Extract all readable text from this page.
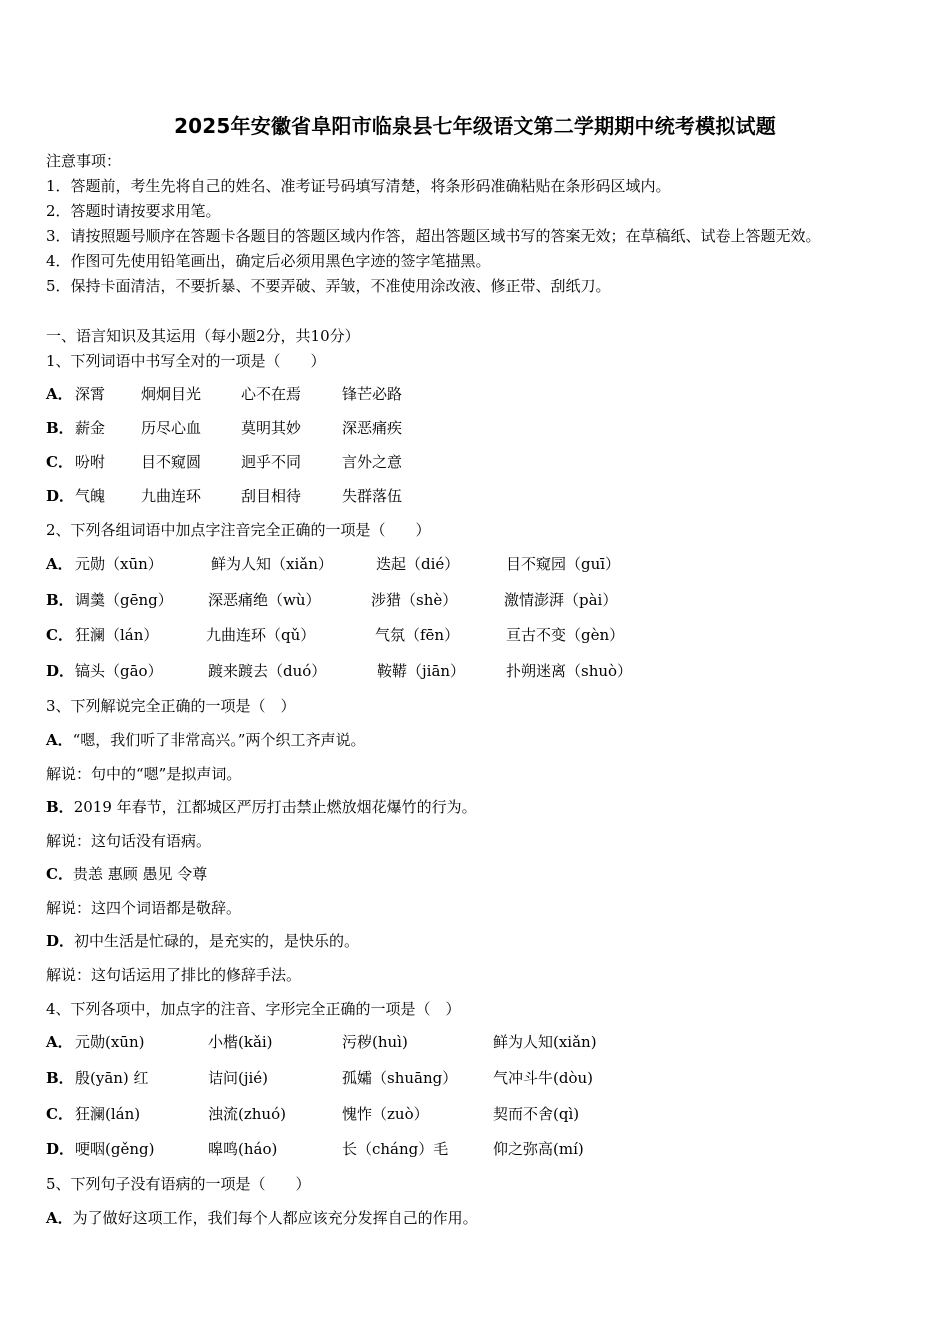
2025年安徽省阜阳市临泉县七年级语文第二学期期中统考模拟试题
注意事项：
1．答题前，考生先将自己的姓名、准考证号码填写清楚，将条形码准确粘贴在条形码区域内。
2．答题时请按要求用笔。
3．请按照题号顺序在答题卡各题目的答题区域内作答，超出答题区域书写的答案无效；在草稿纸、试卷上答题无效。
4．作图可先使用铅笔画出，确定后必须用黑色字迹的签字笔描黑。
5．保持卡面清洁，不要折暴、不要弄破、弄皱，不准使用涂改液、修正带、刮纸刀。
一、语言知识及其运用（每小题2分，共10分）
1、下列词语中书写全对的一项是（　　）
A． 深霄 炯炯目光	心不在焉	锋芒必路
B． 薪金 历尽心血	莫明其妙	深恶痛疾
C． 吩咐 目不窥圆	迥乎不同	言外之意
D． 气魄 九曲连环	刮目相待	失群落伍
2、下列各组词语中加点字注音完全正确的一项是（　　）
A． 元勋（xūn）	鲜为人知（xiǎn）	迭起（dié）	目不窥园（guī）
B． 调羹（gēng） 深恶痛绝（wù）	涉猎（shè）	激情澎湃（pài）
C． 狂澜（lán）	九曲连环（qǔ）	气氛（fēn）	亘古不变（gèn）
D． 镐头（gāo）	踱来踱去（duó）	鞍鞯（jiān）	扑朔迷离（shuò）
3、下列解说完全正确的一项是（　）
A．“嗯，我们听了非常高兴。”两个织工齐声说。
解说：句中的“嗯”是拟声词。
B．2019 年春节，江都城区严厉打击禁止燃放烟花爆竹的行为。
解说：这句话没有语病。
C．贵恙 惠顾 愚见 令尊
解说：这四个词语都是敬辞。
D．初中生活是忙碌的，是充实的，是快乐的。
解说：这句话运用了排比的修辞手法。
4、下列各项中，加点字的注音、字形完全正确的一项是（　）
A． 元勋(xūn)	小楷(kǎi)	污秽(huì)	鲜为人知(xiǎn)
B． 殷(yān) 红	诘问(jié)	孤孀（shuāng） 气冲斗牛(dòu)
C． 狂澜(lán)	浊流(zhuó)	愧怍（zuò）	契而不舍(qì)
D． 哽咽(gěng)	嗥鸣(háo)	长（cháng）毛	仰之弥高(mí)
5、下列句子没有语病的一项是（　　）
A．为了做好这项工作，我们每个人都应该充分发挥自己的作用。
